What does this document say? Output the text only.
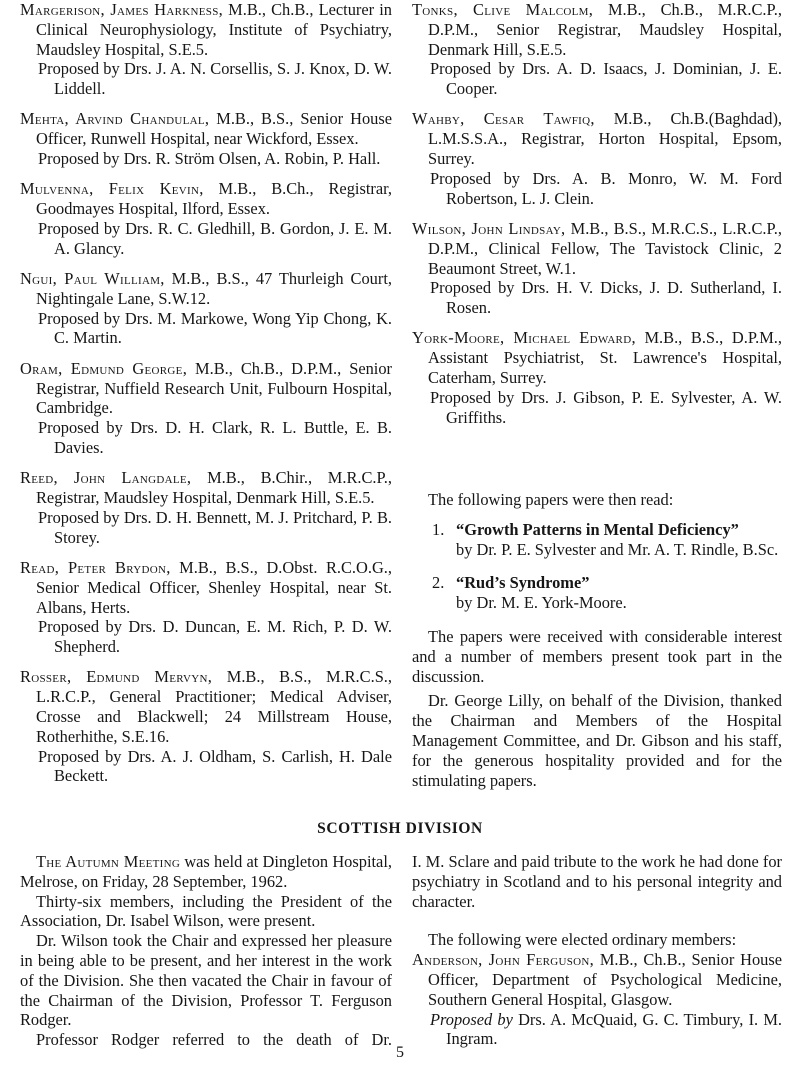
Margerison, James Harkness, M.B., Ch.B., Lecturer in Clinical Neurophysiology, Institute of Psychiatry, Maudsley Hospital, S.E.5.

Proposed by Drs. J. A. N. Corsellis, S. J. Knox, D. W. Liddell.

Mehta, Arvind Chandulal, M.B., B.S., Senior House Officer, Runwell Hospital, near Wickford, Essex.

Proposed by Drs. R. Ström Olsen, A. Robin, P. Hall.

Mulvenna, Felix Kevin, M.B., B.Ch., Registrar, Goodmayes Hospital, Ilford, Essex.

Proposed by Drs. R. C. Gledhill, B. Gordon, J. E. M. A. Glancy.

Ngui, Paul William, M.B., B.S., 47 Thurleigh Court, Nightingale Lane, S.W.12.

Proposed by Drs. M. Markowe, Wong Yip Chong, K. C. Martin.

Oram, Edmund George, M.B., Ch.B., D.P.M., Senior Registrar, Nuffield Research Unit, Fulbourn Hospital, Cambridge.

Proposed by Drs. D. H. Clark, R. L. Buttle, E. B. Davies.

Reed, John Langdale, M.B., B.Chir., M.R.C.P., Registrar, Maudsley Hospital, Denmark Hill, S.E.5.

Proposed by Drs. D. H. Bennett, M. J. Pritchard, P. B. Storey.

Read, Peter Brydon, M.B., B.S., D.Obst. R.C.O.G., Senior Medical Officer, Shenley Hospital, near St. Albans, Herts.

Proposed by Drs. D. Duncan, E. M. Rich, P. D. W. Shepherd.

Rosser, Edmund Mervyn, M.B., B.S., M.R.C.S., L.R.C.P., General Practitioner; Medical Adviser, Crosse and Blackwell; 24 Millstream House, Rotherhithe, S.E.16.

Proposed by Drs. A. J. Oldham, S. Carlish, H. Dale Beckett.

Tonks, Clive Malcolm, M.B., Ch.B., M.R.C.P., D.P.M., Senior Registrar, Maudsley Hospital, Denmark Hill, S.E.5.

Proposed by Drs. A. D. Isaacs, J. Dominian, J. E. Cooper.

Wahby, Cesar Tawfiq, M.B., Ch.B.(Baghdad), L.M.S.S.A., Registrar, Horton Hospital, Epsom, Surrey.

Proposed by Drs. A. B. Monro, W. M. Ford Robertson, L. J. Clein.

Wilson, John Lindsay, M.B., B.S., M.R.C.S., L.R.C.P., D.P.M., Clinical Fellow, The Tavistock Clinic, 2 Beaumont Street, W.1.

Proposed by Drs. H. V. Dicks, J. D. Sutherland, I. Rosen.

York-Moore, Michael Edward, M.B., B.S., D.P.M., Assistant Psychiatrist, St. Lawrence's Hospital, Caterham, Surrey.

Proposed by Drs. J. Gibson, P. E. Sylvester, A. W. Griffiths.

The following papers were then read:

1. “Growth Patterns in Mental Deficiency”

by Dr. P. E. Sylvester and Mr. A. T. Rindle, B.Sc.

2. “Rud’s Syndrome”

by Dr. M. E. York-Moore.

The papers were received with considerable interest and a number of members present took part in the discussion.

Dr. George Lilly, on behalf of the Division, thanked the Chairman and Members of the Hospital Management Committee, and Dr. Gibson and his staff, for the generous hospitality provided and for the stimulating papers.

SCOTTISH DIVISION

The Autumn Meeting was held at Dingleton Hospital, Melrose, on Friday, 28 September, 1962.

Thirty-six members, including the President of the Association, Dr. Isabel Wilson, were present.

Dr. Wilson took the Chair and expressed her pleasure in being able to be present, and her interest in the work of the Division. She then vacated the Chair in favour of the Chairman of the Division, Professor T. Ferguson Rodger.

Professor Rodger referred to the death of Dr.

I. M. Sclare and paid tribute to the work he had done for psychiatry in Scotland and to his personal integrity and character.

The following were elected ordinary members:

Anderson, John Ferguson, M.B., Ch.B., Senior House Officer, Department of Psychological Medicine, Southern General Hospital, Glasgow.

Proposed by Drs. A. McQuaid, G. C. Timbury, I. M. Ingram.

5
